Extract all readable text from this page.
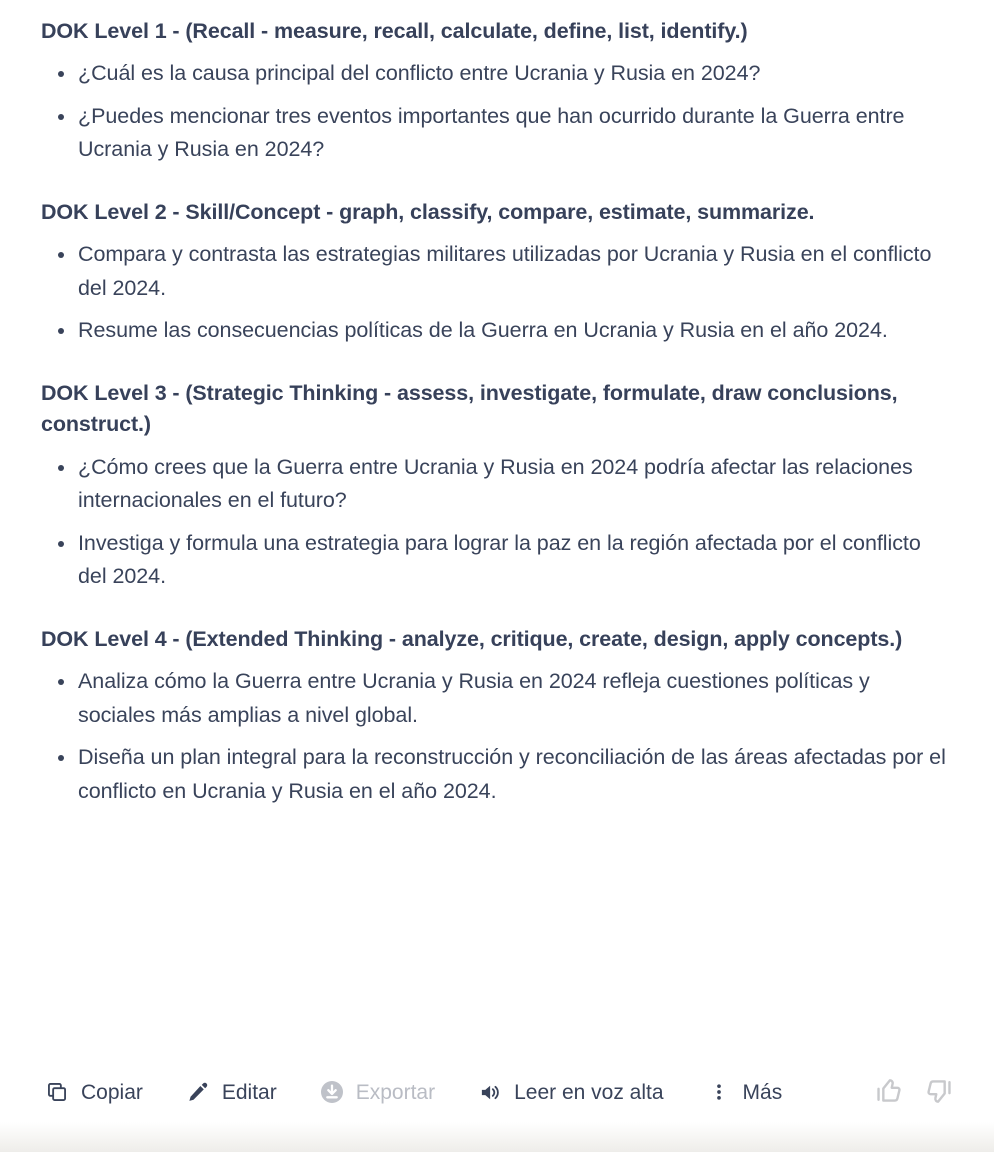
DOK Level 1 - (Recall - measure, recall, calculate, define, list, identify.)
¿Cuál es la causa principal del conflicto entre Ucrania y Rusia en 2024?
¿Puedes mencionar tres eventos importantes que han ocurrido durante la Guerra entre Ucrania y Rusia en 2024?
DOK Level 2 - Skill/Concept - graph, classify, compare, estimate, summarize.
Compara y contrasta las estrategias militares utilizadas por Ucrania y Rusia en el conflicto del 2024.
Resume las consecuencias políticas de la Guerra en Ucrania y Rusia en el año 2024.
DOK Level 3 - (Strategic Thinking - assess, investigate, formulate, draw conclusions, construct.)
¿Cómo crees que la Guerra entre Ucrania y Rusia en 2024 podría afectar las relaciones internacionales en el futuro?
Investiga y formula una estrategia para lograr la paz en la región afectada por el conflicto del 2024.
DOK Level 4 - (Extended Thinking - analyze, critique, create, design, apply concepts.)
Analiza cómo la Guerra entre Ucrania y Rusia en 2024 refleja cuestiones políticas y sociales más amplias a nivel global.
Diseña un plan integral para la reconstrucción y reconciliación de las áreas afectadas por el conflicto en Ucrania y Rusia en el año 2024.
Copiar	Editar	Exportar	Leer en voz alta	Más
